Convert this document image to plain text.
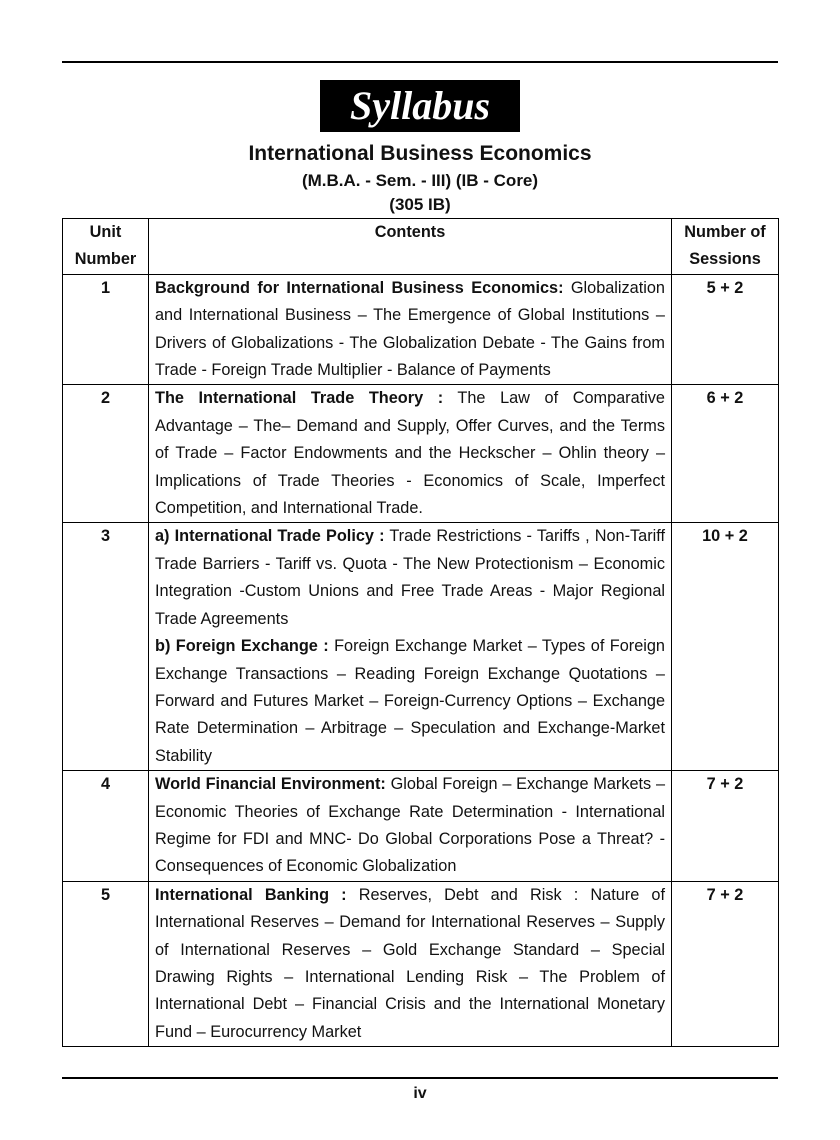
Syllabus
International Business Economics
(M.B.A. - Sem. - III) (IB - Core)
(305 IB)
Unit
Number	Contents	Number of
Sessions

1	Background for International Business Economics: Globalization and International Business – The Emergence of Global Institutions – Drivers of Globalizations - The Globalization Debate - The Gains from Trade - Foreign Trade Multiplier - Balance of Payments	5 + 2
2	The International Trade Theory : The Law of Comparative Advantage – The– Demand and Supply, Offer Curves, and the Terms of Trade – Factor Endowments and the Heckscher – Ohlin theory – Implications of Trade Theories - Economics of Scale, Imperfect Competition, and International Trade.	6 + 2
3	a) International Trade Policy : Trade Restrictions - Tariffs , Non-Tariff Trade Barriers - Tariff vs. Quota - The New Protectionism – Economic Integration -Custom Unions and Free Trade Areas - Major Regional Trade Agreements
b) Foreign Exchange : Foreign Exchange Market – Types of Foreign Exchange Transactions – Reading Foreign Exchange Quotations – Forward and Futures Market – Foreign-Currency Options – Exchange Rate Determination – Arbitrage – Speculation and Exchange-Market Stability	10 + 2
4	World Financial Environment: Global Foreign – Exchange Markets – Economic Theories of Exchange Rate Determination - International Regime for FDI and MNC- Do Global Corporations Pose a Threat? - Consequences of Economic Globalization	7 + 2
5	International Banking : Reserves, Debt and Risk : Nature of International Reserves – Demand for International Reserves – Supply of International Reserves – Gold Exchange Standard – Special Drawing Rights – International Lending Risk – The Problem of International Debt – Financial Crisis and the International Monetary Fund – Eurocurrency Market	7 + 2
iv
